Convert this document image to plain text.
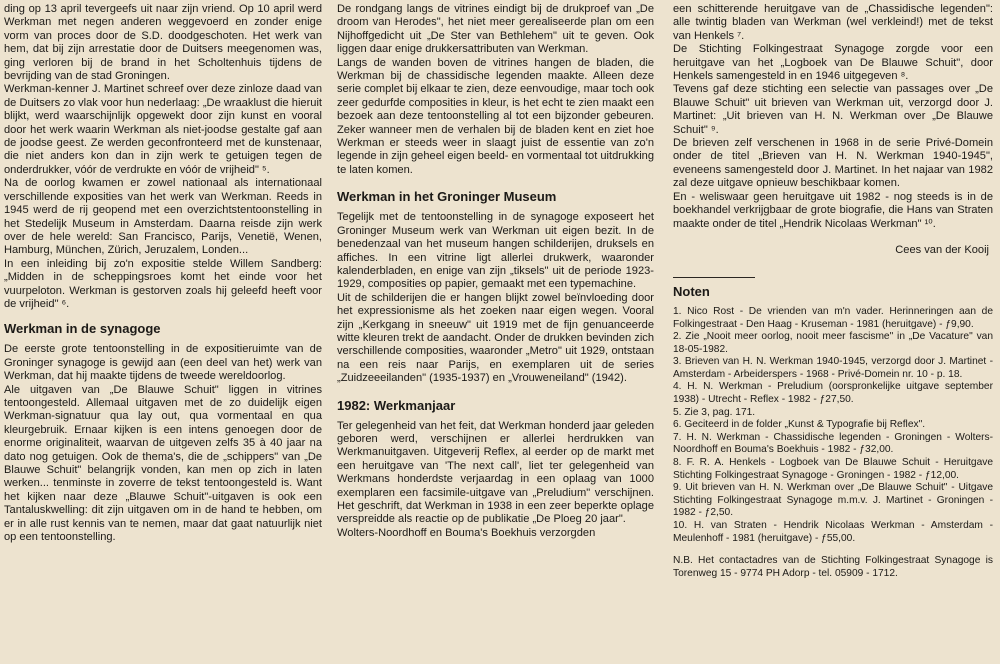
ding op 13 april tevergeefs uit naar zijn vriend. Op 10 april werd Werkman met negen anderen weggevoerd en zonder enige vorm van proces door de S.D. doodgeschoten. Het werk van hem, dat bij zijn arrestatie door de Duitsers meegenomen was, ging verloren bij de brand in het Scholtenhuis tijdens de bevrijding van de stad Groningen.

Werkman-kenner J. Martinet schreef over deze zinloze daad van de Duitsers zo vlak voor hun nederlaag: „De wraaklust die hieruit blijkt, werd waarschijnlijk opgewekt door zijn kunst en vooral door het werk waarin Werkman als niet-joodse gestalte gaf aan de joodse geest. Ze werden geconfronteerd met de kunstenaar, die niet anders kon dan in zijn werk te getuigen tegen de onderdrukker, vóór de verdrukte en vóór de vrijheid" ⁵.

Na de oorlog kwamen er zowel nationaal als internationaal verschillende exposities van het werk van Werkman. Reeds in 1945 werd de rij geopend met een overzichtstentoonstelling in het Stedelijk Museum in Amsterdam. Daarna reisde zijn werk over de hele wereld: San Francisco, Parijs, Venetië, Wenen, Hamburg, München, Zürich, Jeruzalem, Londen...

In een inleiding bij zo'n expositie stelde Willem Sandberg: „Midden in de scheppingsroes komt het einde voor het vuurpeloton. Werkman is gestorven zoals hij geleefd heeft voor de vrijheid" ⁶.

Werkman in de synagoge

De eerste grote tentoonstelling in de expositieruimte van de Groninger synagoge is gewijd aan (een deel van het) werk van Werkman, dat hij maakte tijdens de tweede wereldoorlog.

Ale uitgaven van „De Blauwe Schuit" liggen in vitrines tentoongesteld. Allemaal uitgaven met de zo duidelijk eigen Werkman-signatuur qua lay out, qua vormentaal en qua kleurgebruik. Ernaar kijken is een intens genoegen door de enorme originaliteit, waarvan de uitgeven zelfs 35 à 40 jaar na dato nog getuigen. Ook de thema's, die de „schippers" van „De Blauwe Schuit" belangrijk vonden, kan men op zich in laten werken... tenminste in zoverre de tekst tentoongesteld is. Want het kijken naar deze „Blauwe Schuit"-uitgaven is ook een Tantaluskwelling: dit zijn uitgaven om in de hand te hebben, om er in alle rust kennis van te nemen, maar dat gaat natuurlijk niet op een tentoonstelling.

De rondgang langs de vitrines eindigt bij de drukproef van „De droom van Herodes", het niet meer gerealiseerde plan om een Nijhoffgedicht uit „De Ster van Bethlehem" uit te geven. Ook liggen daar enige drukkersattributen van Werkman.

Langs de wanden boven de vitrines hangen de bladen, die Werkman bij de chassidische legenden maakte. Alleen deze serie complet bij elkaar te zien, deze eenvoudige, maar toch ook zeer gedurfde composities in kleur, is het echt te zien maakt een bezoek aan deze tentoonstelling al tot een bijzonder gebeuren. Zeker wanneer men de verhalen bij de bladen kent en ziet hoe Werkman er steeds weer in slaagt juist de essentie van zo'n legende in zijn geheel eigen beeld- en vormentaal tot uitdrukking te laten komen.

Werkman in het Groninger Museum

Tegelijk met de tentoonstelling in de synagoge exposeert het Groninger Museum werk van Werkman uit eigen bezit. In de benedenzaal van het museum hangen schilderijen, druksels en affiches. In een vitrine ligt allerlei drukwerk, waaronder kalenderbladen, en enige van zijn „tiksels" uit de periode 1923-1929, composities op papier, gemaakt met een typemachine.

Uit de schilderijen die er hangen blijkt zowel beïnvloeding door het expressionisme als het zoeken naar eigen wegen. Vooral zijn „Kerkgang in sneeuw" uit 1919 met de fijn genuanceerde witte kleuren trekt de aandacht. Onder de drukken bevinden zich verschillende composities, waaronder „Metro" uit 1929, ontstaan na een reis naar Parijs, en exemplaren uit de series „Zuidzeeeilanden" (1935-1937) en „Vrouweneiland" (1942).

1982: Werkmanjaar

Ter gelegenheid van het feit, dat Werkman honderd jaar geleden geboren werd, verschijnen er allerlei herdrukken van Werkmanuitgaven. Uitgeverij Reflex, al eerder op de markt met een heruitgave van 'The next call', liet ter gelegenheid van Werkmans honderdste verjaardag in een oplaag van 1000 exemplaren een facsimile-uitgave van „Preludium" verschijnen. Het geschrift, dat Werkman in 1938 in een zeer beperkte oplage verspreidde als reactie op de publikatie „De Ploeg 20 jaar".

Wolters-Noordhoff en Bouma's Boekhuis verzorgden

een schitterende heruitgave van de „Chassidische legenden": alle twintig bladen van Werkman (wel verkleind!) met de tekst van Henkels ⁷.

De Stichting Folkingestraat Synagoge zorgde voor een heruitgave van het „Logboek van De Blauwe Schuit", door Henkels samengesteld in en 1946 uitgegeven ⁸.

Tevens gaf deze stichting een selectie van passages over „De Blauwe Schuit" uit brieven van Werkman uit, verzorgd door J. Martinet: „Uit brieven van H. N. Werkman over „De Blauwe Schuit" ⁹.

De brieven zelf verschenen in 1968 in de serie Privé-Domein onder de titel „Brieven van H. N. Werkman 1940-1945", eveneens samengesteld door J. Martinet. In het najaar van 1982 zal deze uitgave opnieuw beschikbaar komen.

En - weliswaar geen heruitgave uit 1982 - nog steeds is in de boekhandel verkrijgbaar de grote biografie, die Hans van Straten maakte onder de titel „Hendrik Nicolaas Werkman" ¹⁰.

Cees van der Kooij
Noten

1. Nico Rost - De vrienden van m'n vader. Herinneringen aan de Folkingestraat - Den Haag - Kruseman - 1981 (heruitgave) - ƒ9,90.

2. Zie „Nooit meer oorlog, nooit meer fascisme" in „De Vacature" van 18-05-1982.

3. Brieven van H. N. Werkman 1940-1945, verzorgd door J. Martinet - Amsterdam - Arbeiderspers - 1968 - Privé-Domein nr. 10 - p. 18.

4. H. N. Werkman - Preludium (oorspronkelijke uitgave september 1938) - Utrecht - Reflex - 1982 - ƒ27,50.

5. Zie 3, pag. 171.

6. Geciteerd in de folder „Kunst & Typografie bij Reflex".

7. H. N. Werkman - Chassidische legenden - Groningen - Wolters-Noordhoff en Bouma's Boekhuis - 1982 - ƒ32,00.

8. F. R. A. Henkels - Logboek van De Blauwe Schuit - Heruitgave Stichting Folkingestraat Synagoge - Groningen - 1982 - ƒ12,00.

9. Uit brieven van H. N. Werkman over „De Blauwe Schuit" - Uitgave Stichting Folkingestraat Synagoge m.m.v. J. Martinet - Groningen - 1982 - ƒ2,50.

10. H. van Straten - Hendrik Nicolaas Werkman - Amsterdam - Meulenhoff - 1981 (heruitgave) - ƒ55,00.

N.B. Het contactadres van de Stichting Folkingestraat Synagoge is Torenweg 15 - 9774 PH Adorp - tel. 05909 - 1712.
